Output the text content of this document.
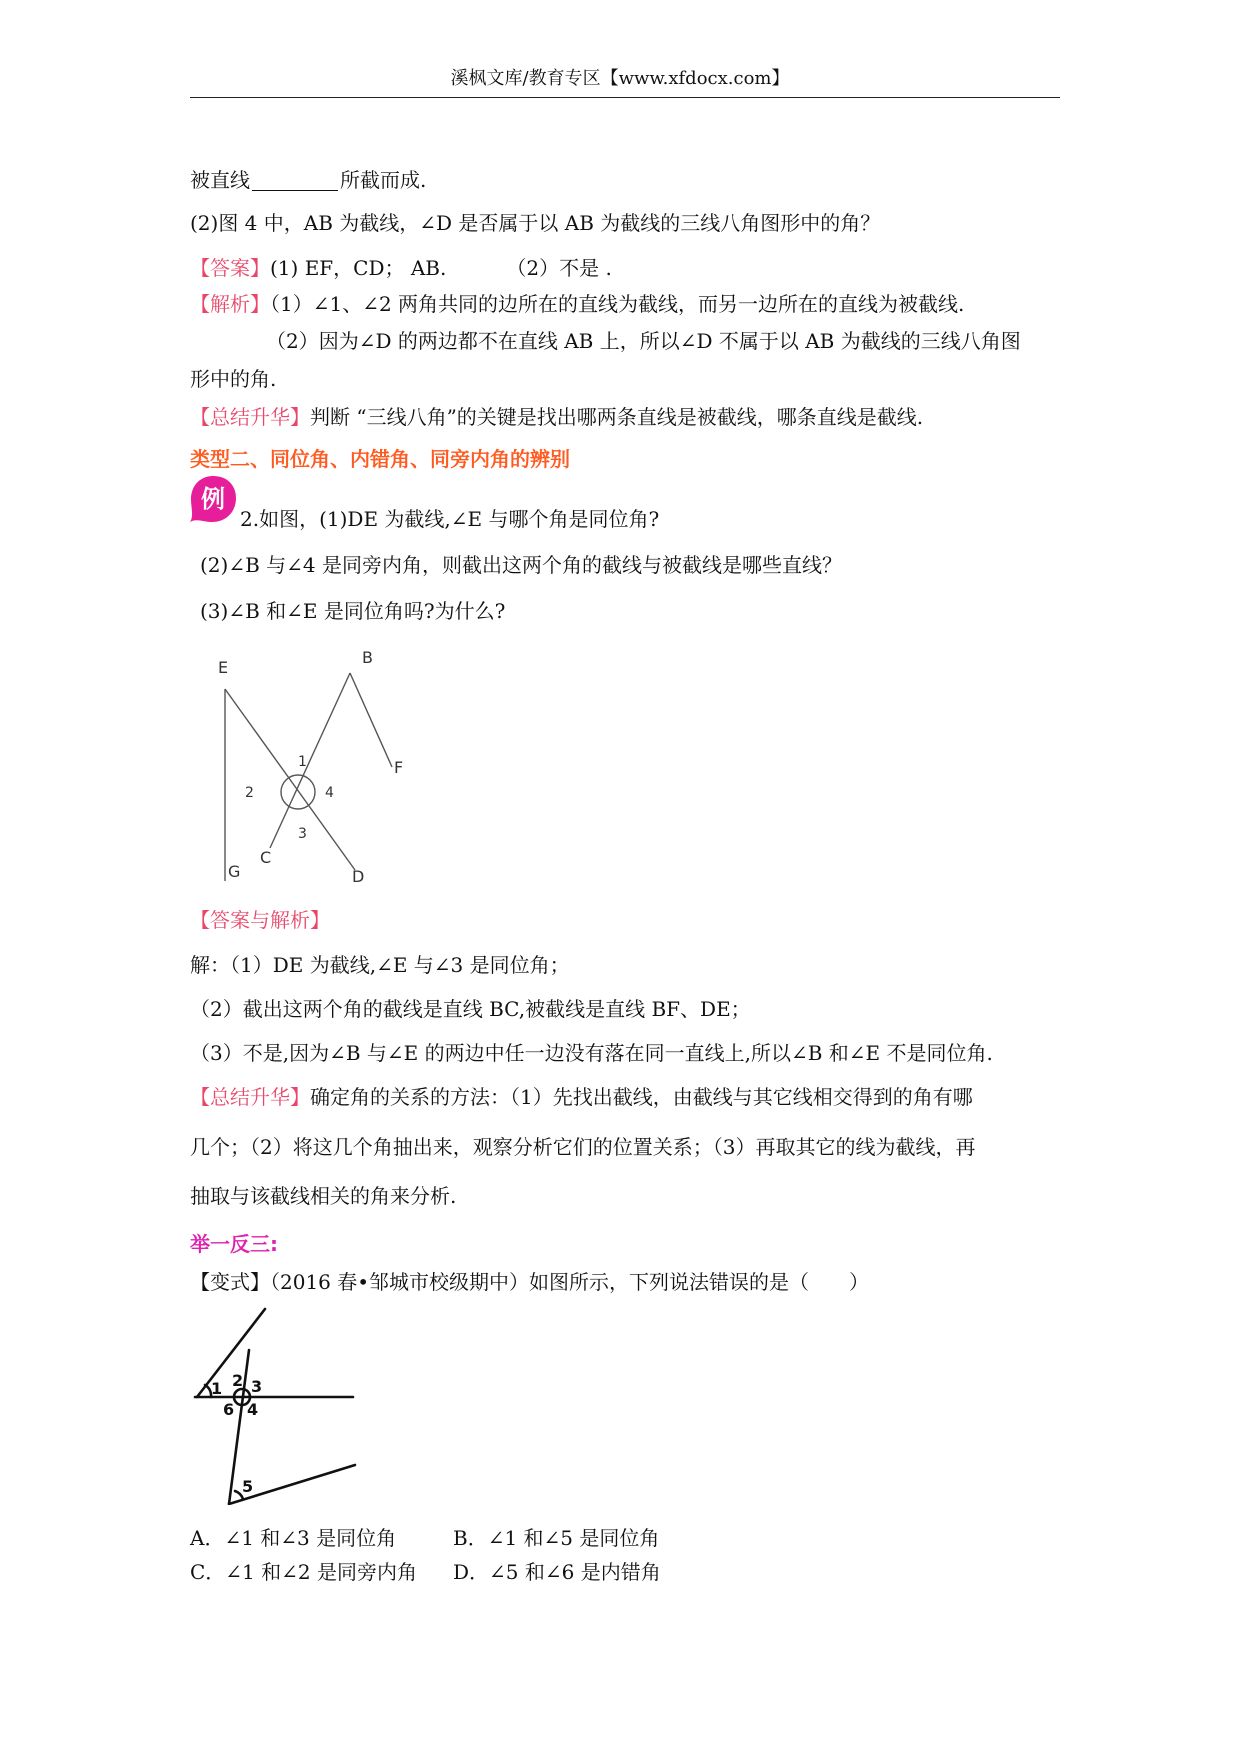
溪枫文库/教育专区【www.xfdocx.com】
被直线	所截而成.
(2)图 4 中，AB 为截线，∠D 是否属于以 AB 为截线的三线八角图形中的角？
【答案】(1) EF，CD； AB.	（2）不是 .
【解析】（1）∠1、∠2 两角共同的边所在的直线为截线，而另一边所在的直线为被截线.
（2）因为∠D 的两边都不在直线 AB 上，所以∠D 不属于以 AB 为截线的三线八角图
形中的角.
【总结升华】判断 “三线八角”的关键是找出哪两条直线是被截线，哪条直线是截线.
类型二、同位角、内错角、同旁内角的辨别
例
2.如图，(1)DE 为截线,∠E 与哪个角是同位角?
(2)∠B 与∠4 是同旁内角，则截出这两个角的截线与被截线是哪些直线？
(3)∠B 和∠E 是同位角吗?为什么?
E
B
F
G
C
D
1
2
3
4
【答案与解析】
解：（1）DE 为截线,∠E 与∠3 是同位角；
（2）截出这两个角的截线是直线 BC,被截线是直线 BF、DE；
（3）不是,因为∠B 与∠E 的两边中任一边没有落在同一直线上,所以∠B 和∠E 不是同位角.
【总结升华】确定角的关系的方法：（1）先找出截线，由截线与其它线相交得到的角有哪
几个；（2）将这几个角抽出来，观察分析它们的位置关系；（3）再取其它的线为截线，再
抽取与该截线相关的角来分析.
举一反三:
【变式】（2016 春•邹城市校级期中）如图所示，下列说法错误的是（　　）
1 2 3
4
6
5
A．∠1 和∠3 是同位角	B．∠1 和∠5 是同位角
C．∠1 和∠2 是同旁内角 D．∠5 和∠6 是内错角
